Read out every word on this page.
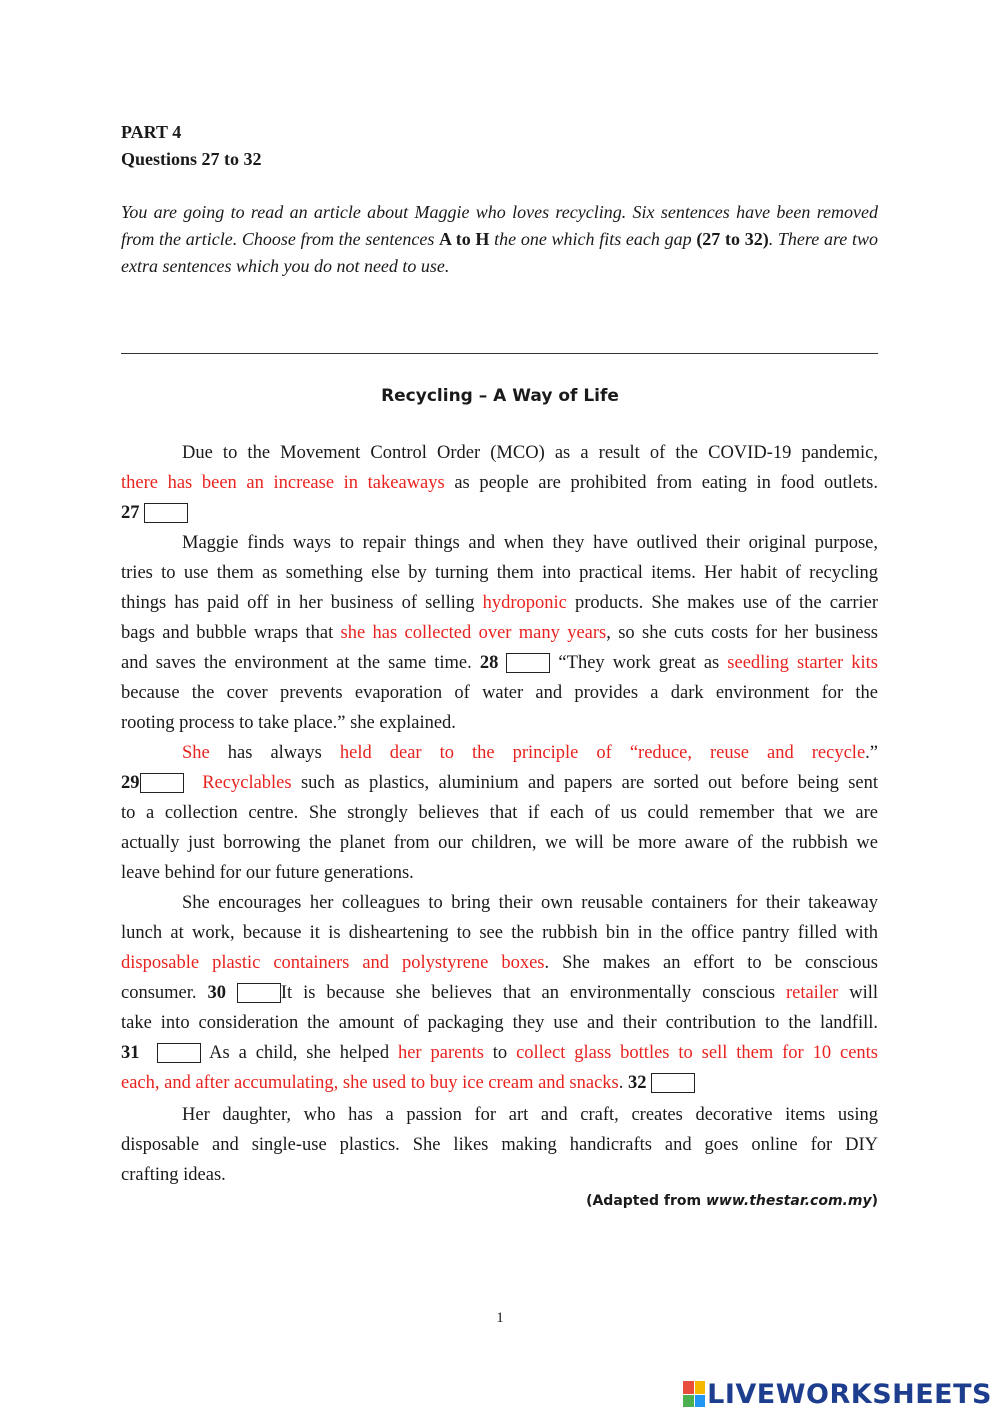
PART 4
Questions 27 to 32
You are going to read an article about Maggie who loves recycling. Six sentences have been removed from the article. Choose from the sentences A to H the one which fits each gap (27 to 32). There are two extra sentences which you do not need to use.
Recycling – A Way of Life
Due to the Movement Control Order (MCO) as a result of the COVID-19 pandemic,
there has been an increase in takeaways as people are prohibited from eating in food outlets.
27
Maggie finds ways to repair things and when they have outlived their original purpose,
tries to use them as something else by turning them into practical items. Her habit of recycling
things has paid off in her business of selling hydroponic products. She makes use of the carrier
bags and bubble wraps that she has collected over many years, so she cuts costs for her business
and saves the environment at the same time. 28	“They work great as seedling starter kits
because the cover prevents evaporation of water and provides a dark environment for the
rooting process to take place.” she explained.
She has always held dear to the principle of “reduce, reuse and recycle.”
29	Recyclables such as plastics, aluminium and papers are sorted out before being sent
to a collection centre. She strongly believes that if each of us could remember that we are
actually just borrowing the planet from our children, we will be more aware of the rubbish we
leave behind for our future generations.
She encourages her colleagues to bring their own reusable containers for their takeaway
lunch at work, because it is disheartening to see the rubbish bin in the office pantry filled with
disposable plastic containers and polystyrene boxes. She makes an effort to be conscious
consumer. 30	It is because she believes that an environmentally conscious retailer will
take into consideration the amount of packaging they use and their contribution to the landfill.
31	As a child, she helped her parents to collect glass bottles to sell them for 10 cents
each, and after accumulating, she used to buy ice cream and snacks. 32
Her daughter, who has a passion for art and craft, creates decorative items using
disposable and single-use plastics. She likes making handicrafts and goes online for DIY
crafting ideas.
(Adapted from www.thestar.com.my)
1
LIVEWORKSHEETS
